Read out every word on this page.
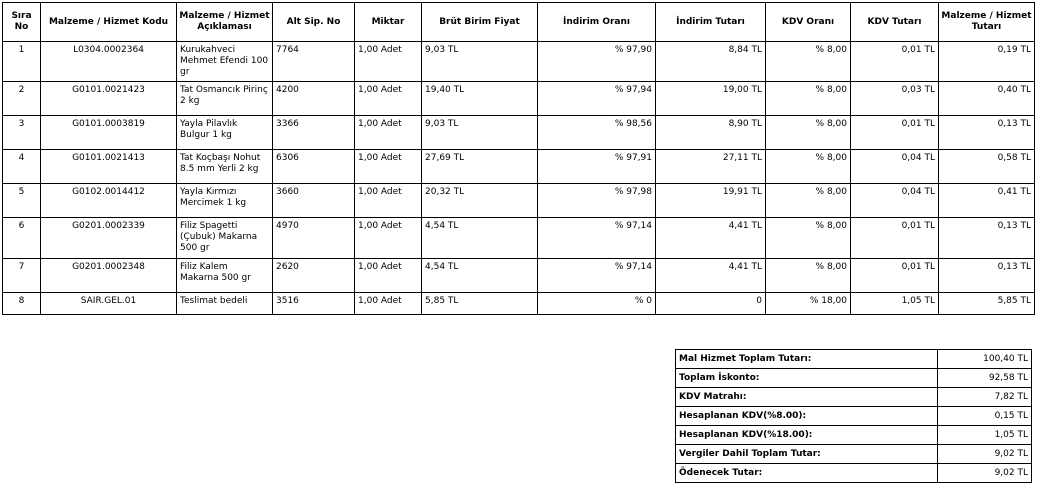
Sıra No	Malzeme / Hizmet Kodu	Malzeme / Hizmet Açıklaması	Alt Sip. No	Miktar	Brüt Birim Fiyat	İndirim Oranı	İndirim Tutarı	KDV Oranı	KDV Tutarı	Malzeme / Hizmet Tutarı
1	L0304.0002364	Kurukahveci Mehmet Efendi 100 gr	7764	1,00 Adet	9,03 TL	% 97,90	8,84 TL	% 8,00	0,01 TL	0,19 TL
2	G0101.0021423	Tat Osmancık Pirinç 2 kg	4200	1,00 Adet	19,40 TL	% 97,94	19,00 TL	% 8,00	0,03 TL	0,40 TL
3	G0101.0003819	Yayla Pilavlık Bulgur 1 kg	3366	1,00 Adet	9,03 TL	% 98,56	8,90 TL	% 8,00	0,01 TL	0,13 TL
4	G0101.0021413	Tat Koçbaşı Nohut 8.5 mm Yerli 2 kg	6306	1,00 Adet	27,69 TL	% 97,91	27,11 TL	% 8,00	0,04 TL	0,58 TL
5	G0102.0014412	Yayla Kırmızı Mercimek 1 kg	3660	1,00 Adet	20,32 TL	% 97,98	19,91 TL	% 8,00	0,04 TL	0,41 TL
6	G0201.0002339	Filiz Spagetti (Çubuk) Makarna 500 gr	4970	1,00 Adet	4,54 TL	% 97,14	4,41 TL	% 8,00	0,01 TL	0,13 TL
7	G0201.0002348	Filiz Kalem Makarna 500 gr	2620	1,00 Adet	4,54 TL	% 97,14	4,41 TL	% 8,00	0,01 TL	0,13 TL
8	SAIR.GEL.01	Teslimat bedeli	3516	1,00 Adet	5,85 TL	% 0	0	% 18,00	1,05 TL	5,85 TL
Mal Hizmet Toplam Tutarı:	100,40 TL
Toplam İskonto:	92,58 TL
KDV Matrahı:	7,82 TL
Hesaplanan KDV(%8.00):	0,15 TL
Hesaplanan KDV(%18.00):	1,05 TL
Vergiler Dahil Toplam Tutar:	9,02 TL
Ödenecek Tutar:	9,02 TL
